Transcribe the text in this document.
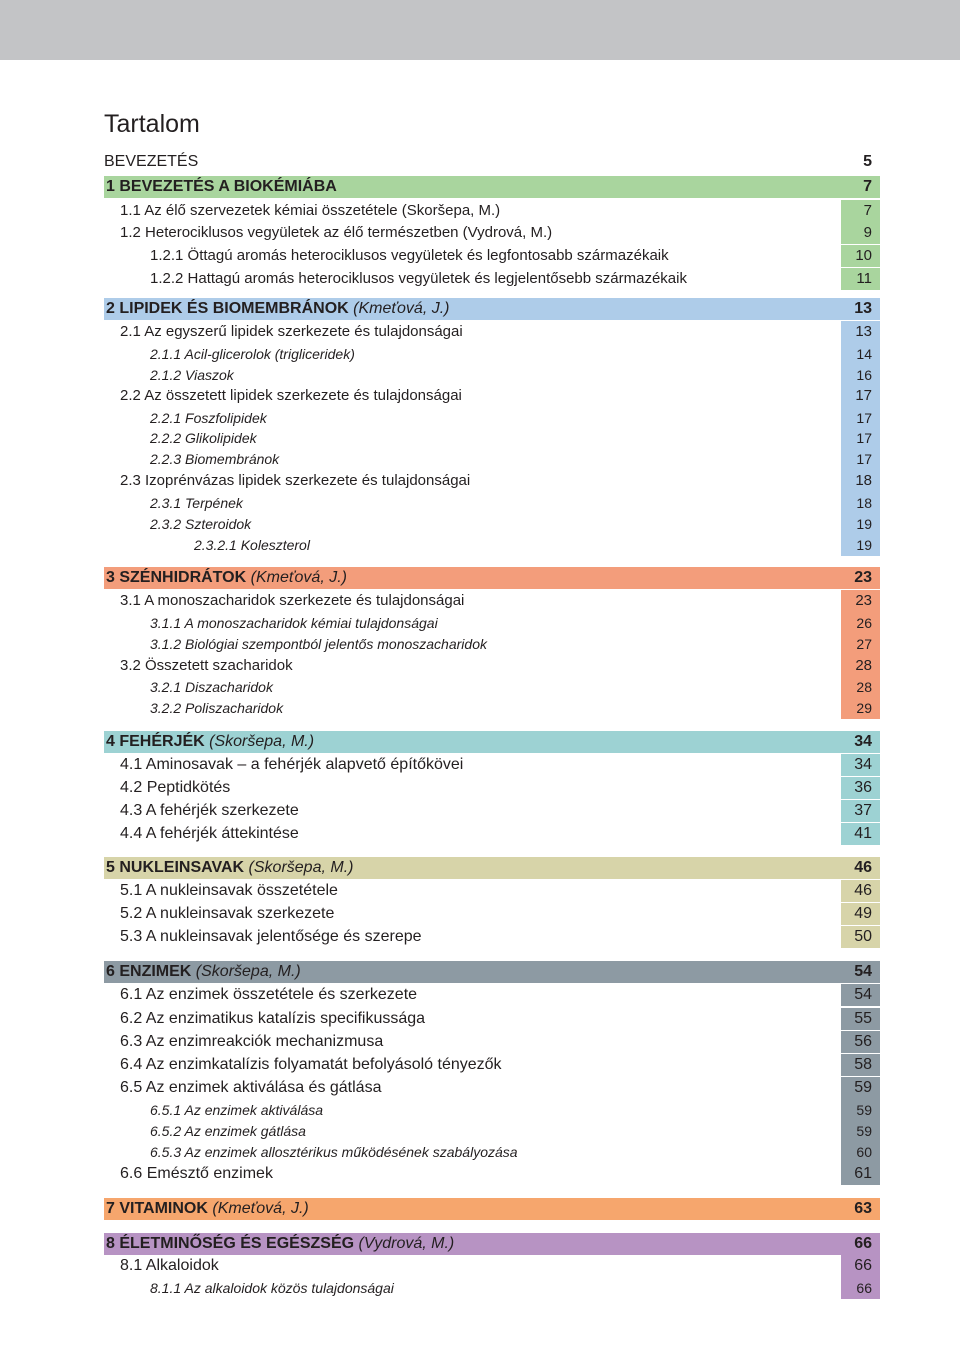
Tartalom
BEVEZETÉS	5
1 BEVEZETÉS A BIOKÉMIÁBA	7
1.1 Az élő szervezetek kémiai összetétele (Skoršepa, M.)	7
1.2 Heterociklusos vegyületek az élő természetben (Vydrová, M.)	9
1.2.1 Öttagú aromás heterociklusos vegyületek és legfontosabb származékaik	10
1.2.2 Hattagú aromás heterociklusos vegyületek és legjelentősebb származékaik	11
2 LIPIDEK ÉS BIOMEMBRÁNOK (Kmeťová, J.)	13
2.1 Az egyszerű lipidek szerkezete és tulajdonságai	13
2.1.1 Acil-glicerolok (trigliceridek)	14
2.1.2 Viaszok	16
2.2 Az összetett lipidek szerkezete és tulajdonságai	17
2.2.1 Foszfolipidek	17
2.2.2 Glikolipidek	17
2.2.3 Biomembránok	17
2.3 Izoprénvázas lipidek szerkezete és tulajdonságai	18
2.3.1 Terpének	18
2.3.2 Szteroidok	19
2.3.2.1 Koleszterol	19
3 SZÉNHIDRÁTOK (Kmeťová, J.)	23
3.1 A monoszacharidok szerkezete és tulajdonságai	23
3.1.1 A monoszacharidok kémiai tulajdonságai	26
3.1.2 Biológiai szempontból jelentős monoszacharidok	27
3.2 Összetett szacharidok	28
3.2.1 Diszacharidok	28
3.2.2 Poliszacharidok	29
4 FEHÉRJÉK (Skoršepa, M.)	34
4.1 Aminosavak – a fehérjék alapvető építőkövei	34
4.2 Peptidkötés	36
4.3 A fehérjék szerkezete	37
4.4 A fehérjék áttekintése	41
5 NUKLEINSAVAK (Skoršepa, M.)	46
5.1 A nukleinsavak összetétele	46
5.2 A nukleinsavak szerkezete	49
5.3 A nukleinsavak jelentősége és szerepe	50
6 ENZIMEK (Skoršepa, M.)	54
6.1 Az enzimek összetétele és szerkezete	54
6.2 Az enzimatikus katalízis specifikussága	55
6.3 Az enzimreakciók mechanizmusa	56
6.4 Az enzimkatalízis folyamatát befolyásoló tényezők	58
6.5 Az enzimek aktiválása és gátlása	59
6.5.1 Az enzimek aktiválása	59
6.5.2 Az enzimek gátlása	59
6.5.3 Az enzimek allosztérikus működésének szabályozása	60
6.6 Emésztő enzimek	61
7 VITAMINOK (Kmeťová, J.)	63
8 ÉLETMINŐSÉG ÉS EGÉSZSÉG (Vydrová, M.)	66
8.1 Alkaloidok	66
8.1.1 Az alkaloidok közös tulajdonságai	66
